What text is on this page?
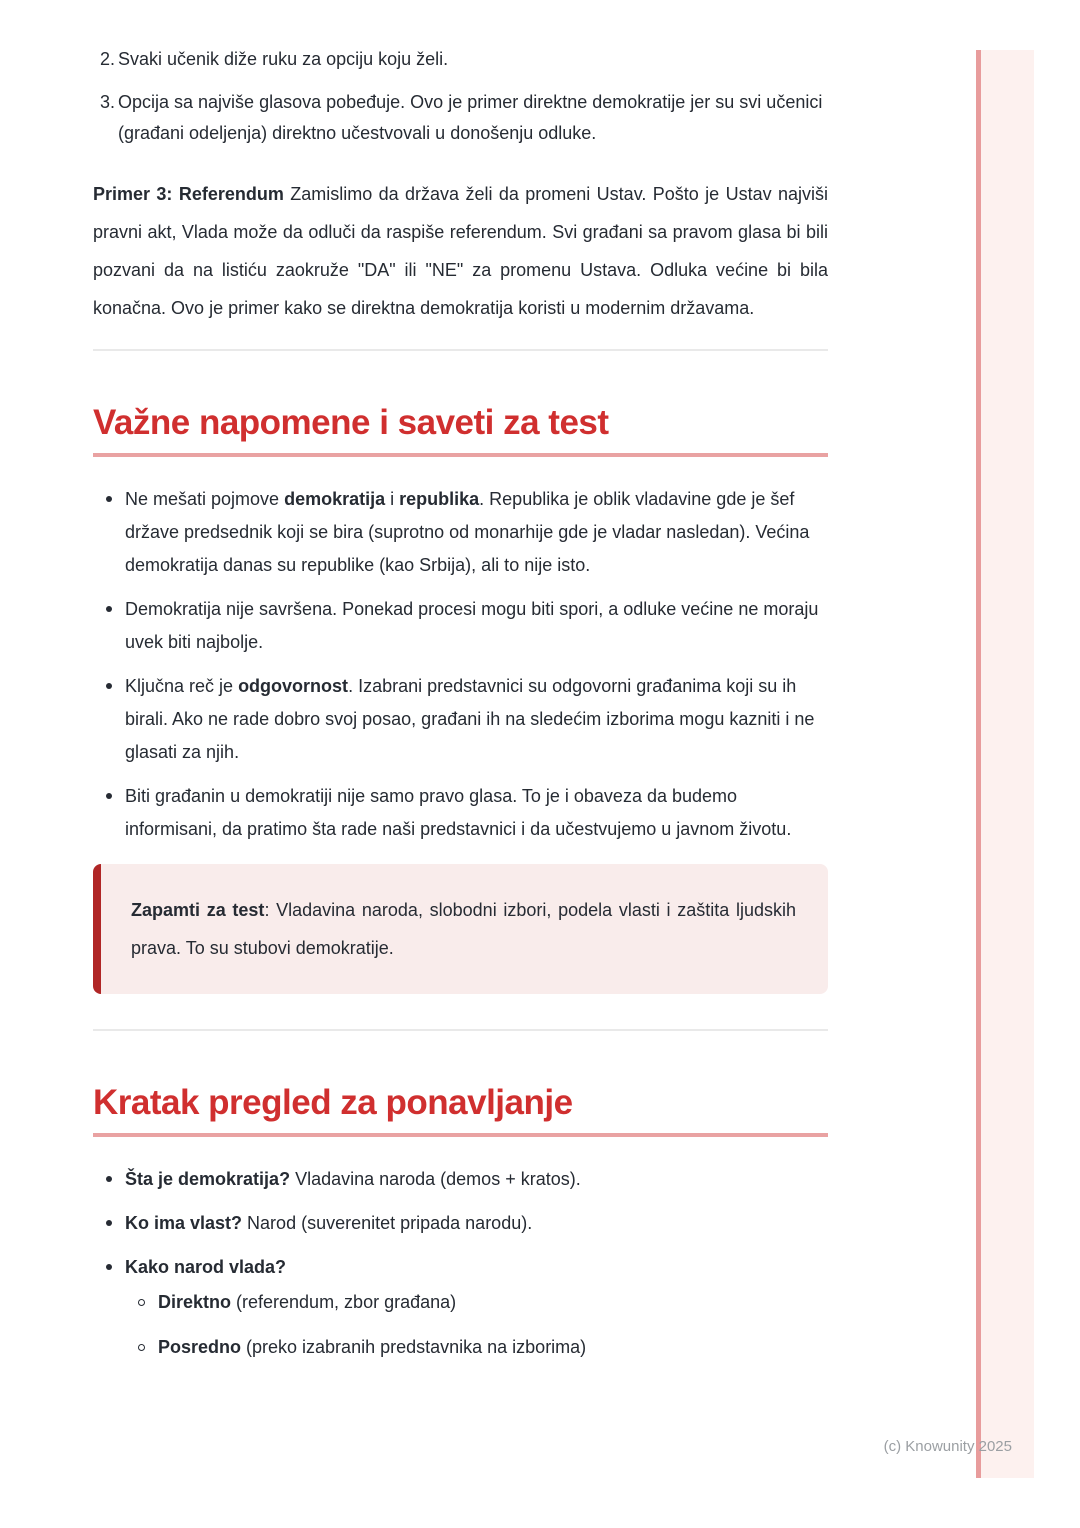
2. Svaki učenik diže ruku za opciju koju želi.
3. Opcija sa najviše glasova pobeđuje. Ovo je primer direktne demokratije jer su svi učenici (građani odeljenja) direktno učestvovali u donošenju odluke.

Primer 3: Referendum Zamislimo da država želi da promeni Ustav. Pošto je Ustav najviši pravni akt, Vlada može da odluči da raspiše referendum. Svi građani sa pravom glasa bi bili pozvani da na listiću zaokruže "DA" ili "NE" za promenu Ustava. Odluka većine bi bila konačna. Ovo je primer kako se direktna demokratija koristi u modernim državama.

Važne napomene i saveti za test
Ne mešati pojmove demokratija i republika. Republika je oblik vladavine gde je šef države predsednik koji se bira (suprotno od monarhije gde je vladar nasledan). Većina demokratija danas su republike (kao Srbija), ali to nije isto.
Demokratija nije savršena. Ponekad procesi mogu biti spori, a odluke većine ne moraju uvek biti najbolje.
Ključna reč je odgovornost. Izabrani predstavnici su odgovorni građanima koji su ih birali. Ako ne rade dobro svoj posao, građani ih na sledećim izborima mogu kazniti i ne glasati za njih.
Biti građanin u demokratiji nije samo pravo glasa. To je i obaveza da budemo informisani, da pratimo šta rade naši predstavnici i da učestvujemo u javnom životu.

Zapamti za test: Vladavina naroda, slobodni izbori, podela vlasti i zaštita ljudskih prava. To su stubovi demokratije.

Kratak pregled za ponavljanje
Šta je demokratija? Vladavina naroda (demos + kratos).
Ko ima vlast? Narod (suverenitet pripada narodu).
Kako narod vlada?
Direktno (referendum, zbor građana)
Posredno (preko izabranih predstavnika na izborima)
(c) Knowunity 2025
